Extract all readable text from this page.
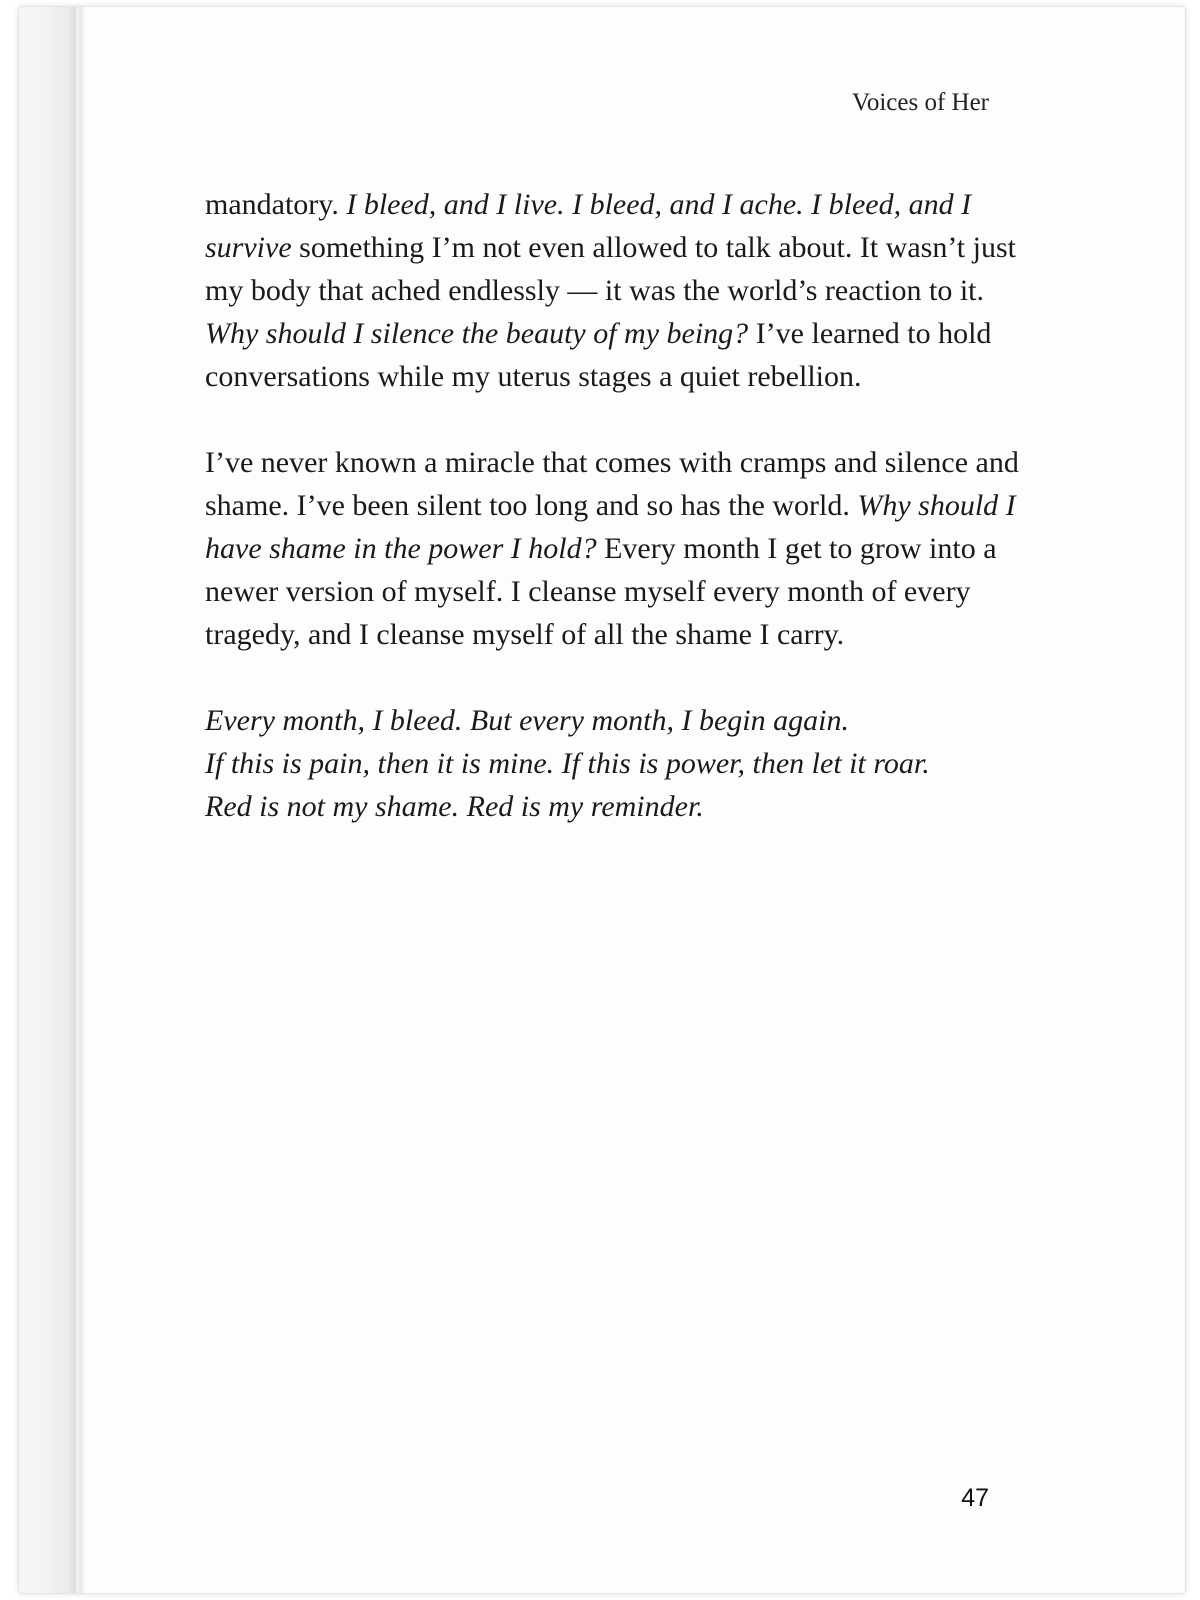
Voices of Her

mandatory. I bleed, and I live. I bleed, and I ache. I bleed, and I survive something I’m not even allowed to talk about. It wasn’t just my body that ached endlessly — it was the world’s reaction to it. Why should I silence the beauty of my being? I’ve learned to hold conversations while my uterus stages a quiet rebellion.

I’ve never known a miracle that comes with cramps and silence and shame. I’ve been silent too long and so has the world. Why should I have shame in the power I hold? Every month I get to grow into a newer version of myself. I cleanse myself every month of every tragedy, and I cleanse myself of all the shame I carry.

Every month, I bleed. But every month, I begin again.
If this is pain, then it is mine. If this is power, then let it roar.
Red is not my shame. Red is my reminder.

47
